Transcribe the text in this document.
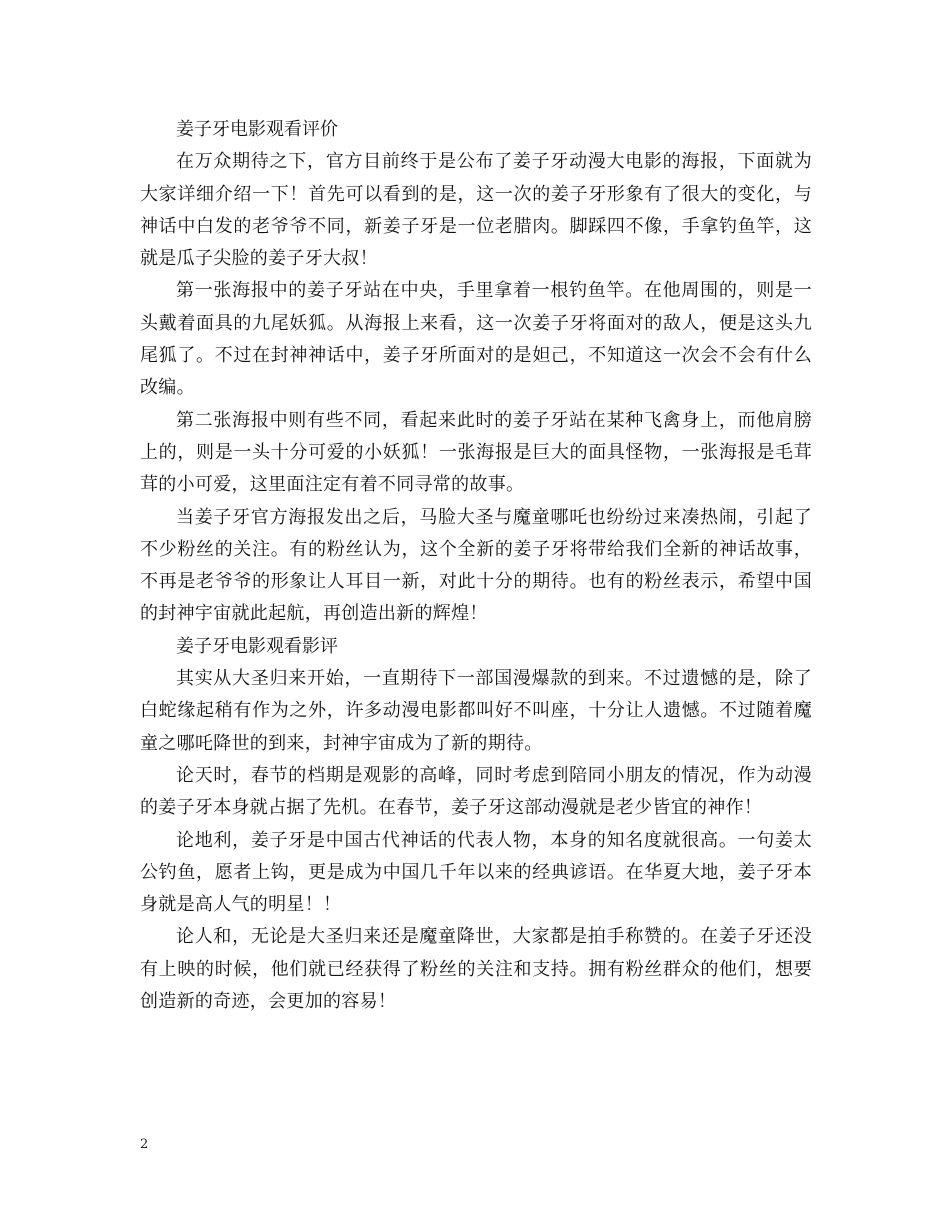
姜子牙电影观看评价

在万众期待之下，官方目前终于是公布了姜子牙动漫大电影的海报，下面就为大家详细介绍一下！首先可以看到的是，这一次的姜子牙形象有了很大的变化，与神话中白发的老爷爷不同，新姜子牙是一位老腊肉。脚踩四不像，手拿钓鱼竿，这就是瓜子尖脸的姜子牙大叔！

第一张海报中的姜子牙站在中央，手里拿着一根钓鱼竿。在他周围的，则是一头戴着面具的九尾妖狐。从海报上来看，这一次姜子牙将面对的敌人，便是这头九尾狐了。不过在封神神话中，姜子牙所面对的是妲己，不知道这一次会不会有什么改编。

第二张海报中则有些不同，看起来此时的姜子牙站在某种飞禽身上，而他肩膀上的，则是一头十分可爱的小妖狐！一张海报是巨大的面具怪物，一张海报是毛茸茸的小可爱，这里面注定有着不同寻常的故事。

当姜子牙官方海报发出之后，马脸大圣与魔童哪吒也纷纷过来凑热闹，引起了不少粉丝的关注。有的粉丝认为，这个全新的姜子牙将带给我们全新的神话故事，不再是老爷爷的形象让人耳目一新，对此十分的期待。也有的粉丝表示，希望中国的封神宇宙就此起航，再创造出新的辉煌！

姜子牙电影观看影评

其实从大圣归来开始，一直期待下一部国漫爆款的到来。不过遗憾的是，除了白蛇缘起稍有作为之外，许多动漫电影都叫好不叫座，十分让人遗憾。不过随着魔童之哪吒降世的到来，封神宇宙成为了新的期待。

论天时，春节的档期是观影的高峰，同时考虑到陪同小朋友的情况，作为动漫的姜子牙本身就占据了先机。在春节，姜子牙这部动漫就是老少皆宜的神作！

论地利，姜子牙是中国古代神话的代表人物，本身的知名度就很高。一句姜太公钓鱼，愿者上钩，更是成为中国几千年以来的经典谚语。在华夏大地，姜子牙本身就是高人气的明星！！

论人和，无论是大圣归来还是魔童降世，大家都是拍手称赞的。在姜子牙还没有上映的时候，他们就已经获得了粉丝的关注和支持。拥有粉丝群众的他们，想要创造新的奇迹，会更加的容易！

2
